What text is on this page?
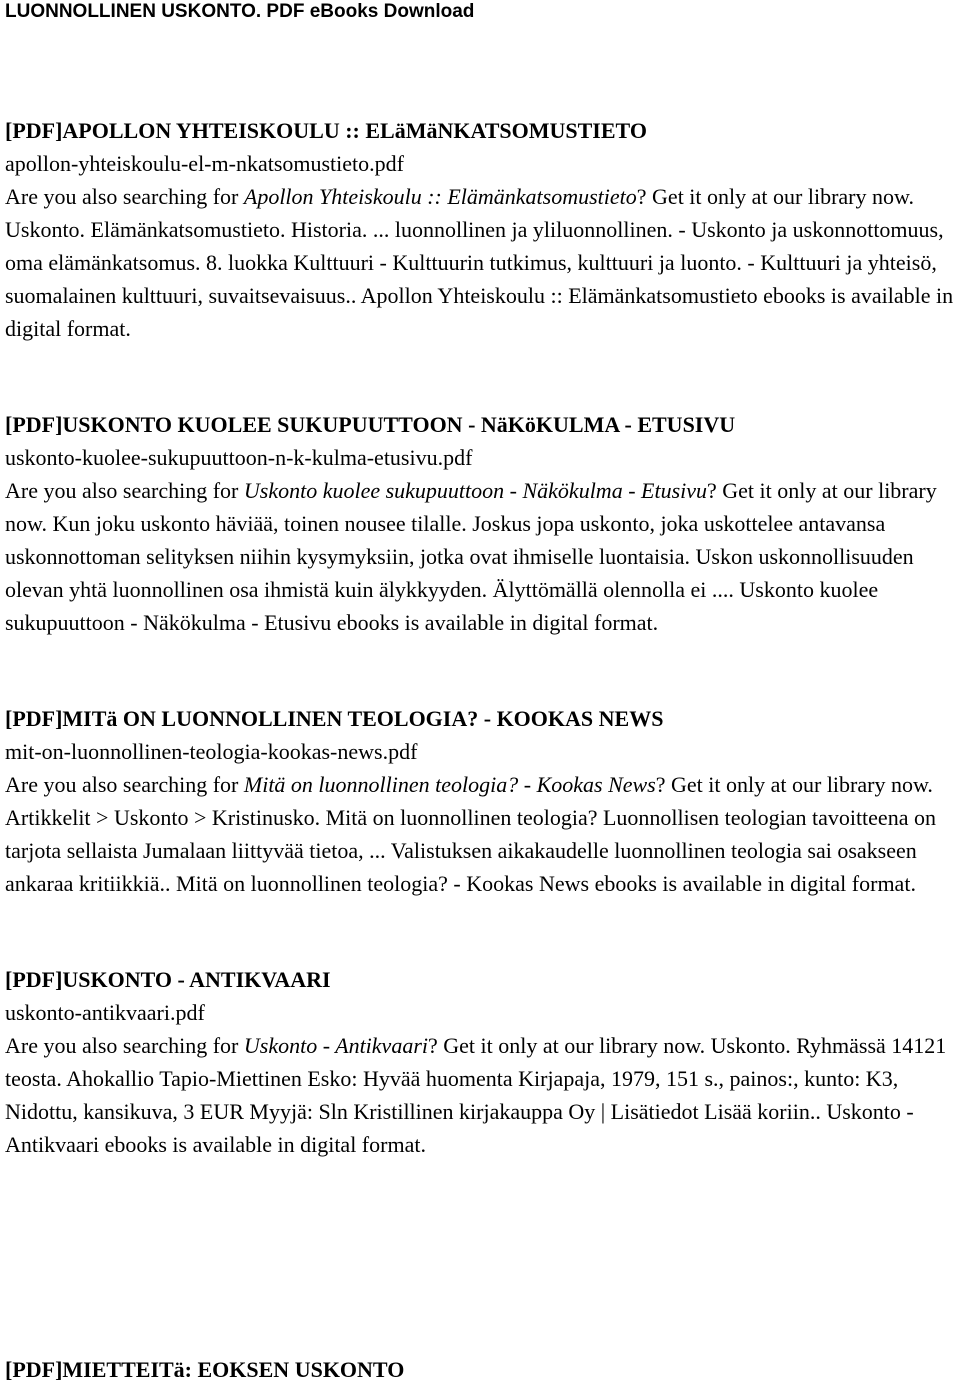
LUONNOLLINEN USKONTO. PDF eBooks Download
[PDF]APOLLON YHTEISKOULU :: ELäMäNKATSOMUSTIETO
apollon-yhteiskoulu-el-m-nkatsomustieto.pdf
Are you also searching for Apollon Yhteiskoulu :: Elämänkatsomustieto? Get it only at our library now. Uskonto. Elämänkatsomustieto. Historia. ... luonnollinen ja yliluonnollinen. - Uskonto ja uskonnottomuus, oma elämänkatsomus. 8. luokka Kulttuuri - Kulttuurin tutkimus, kulttuuri ja luonto. - Kulttuuri ja yhteisö, suomalainen kulttuuri, suvaitsevaisuus.. Apollon Yhteiskoulu :: Elämänkatsomustieto ebooks is available in digital format.
[PDF]USKONTO KUOLEE SUKUPUUTTOON - NäKöKULMA - ETUSIVU
uskonto-kuolee-sukupuuttoon-n-k-kulma-etusivu.pdf
Are you also searching for Uskonto kuolee sukupuuttoon - Näkökulma - Etusivu? Get it only at our library now. Kun joku uskonto häviää, toinen nousee tilalle. Joskus jopa uskonto, joka uskottelee antavansa uskonnottoman selityksen niihin kysymyksiin, jotka ovat ihmiselle luontaisia. Uskon uskonnollisuuden olevan yhtä luonnollinen osa ihmistä kuin älykkyyden. Älyttömällä olennolla ei .... Uskonto kuolee sukupuuttoon - Näkökulma - Etusivu ebooks is available in digital format.
[PDF]MITä ON LUONNOLLINEN TEOLOGIA? - KOOKAS NEWS
mit-on-luonnollinen-teologia-kookas-news.pdf
Are you also searching for Mitä on luonnollinen teologia? - Kookas News? Get it only at our library now. Artikkelit > Uskonto > Kristinusko. Mitä on luonnollinen teologia? Luonnollisen teologian tavoitteena on tarjota sellaista Jumalaan liittyvää tietoa, ... Valistuksen aikakaudelle luonnollinen teologia sai osakseen ankaraa kritiikkiä.. Mitä on luonnollinen teologia? - Kookas News ebooks is available in digital format.
[PDF]USKONTO - ANTIKVAARI
uskonto-antikvaari.pdf
Are you also searching for Uskonto - Antikvaari? Get it only at our library now. Uskonto. Ryhmässä 14121 teosta. Ahokallio Tapio-Miettinen Esko: Hyvää huomenta Kirjapaja, 1979, 151 s., painos:, kunto: K3, Nidottu, kansikuva, 3 EUR Myyjä: Sln Kristillinen kirjakauppa Oy | Lisätiedot Lisää koriin.. Uskonto - Antikvaari ebooks is available in digital format.
[PDF]MIETTEITä: EOKSEN USKONTO
